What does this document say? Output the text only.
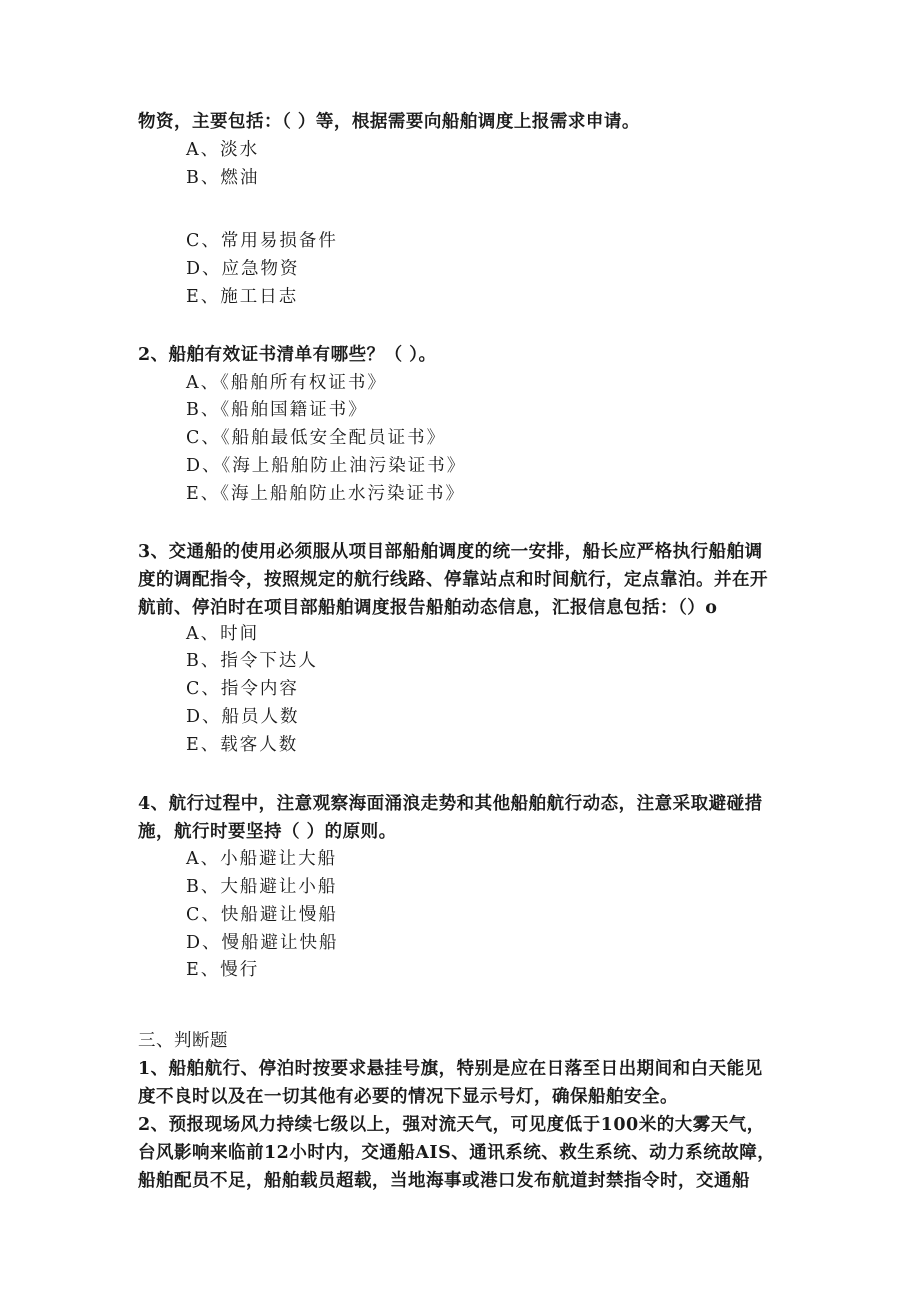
物资，主要包括：（ ）等，根据需要向船舶调度上报需求申请。
A、淡水
B、燃油
C、常用易损备件
D、应急物资
E、施工日志
2、船舶有效证书清单有哪些？（ ）。
A、《船舶所有权证书》
B、《船舶国籍证书》
C、《船舶最低安全配员证书》
D、《海上船舶防止油污染证书》
E、《海上船舶防止水污染证书》
3、交通船的使用必须服从项目部船舶调度的统一安排，船长应严格执行船舶调
度的调配指令，按照规定的航行线路、停靠站点和时间航行，定点靠泊。并在开
航前、停泊时在项目部船舶调度报告船舶动态信息，汇报信息包括：（）o
A、时间
B、指令下达人
C、指令内容
D、船员人数
E、载客人数
4、航行过程中，注意观察海面涌浪走势和其他船舶航行动态，注意采取避碰措
施，航行时要坚持（ ）的原则。
A、小船避让大船
B、大船避让小船
C、快船避让慢船
D、慢船避让快船
E、慢行
三、判断题
1、船舶航行、停泊时按要求悬挂号旗，特别是应在日落至日出期间和白天能见
度不良时以及在一切其他有必要的情况下显示号灯，确保船舶安全。
2、预报现场风力持续七级以上，强对流天气，可见度低于100米的大雾天气，
台风影响来临前12小时内，交通船AIS、通讯系统、救生系统、动力系统故障，
船舶配员不足，船舶载员超载，当地海事或港口发布航道封禁指令时，交通船
